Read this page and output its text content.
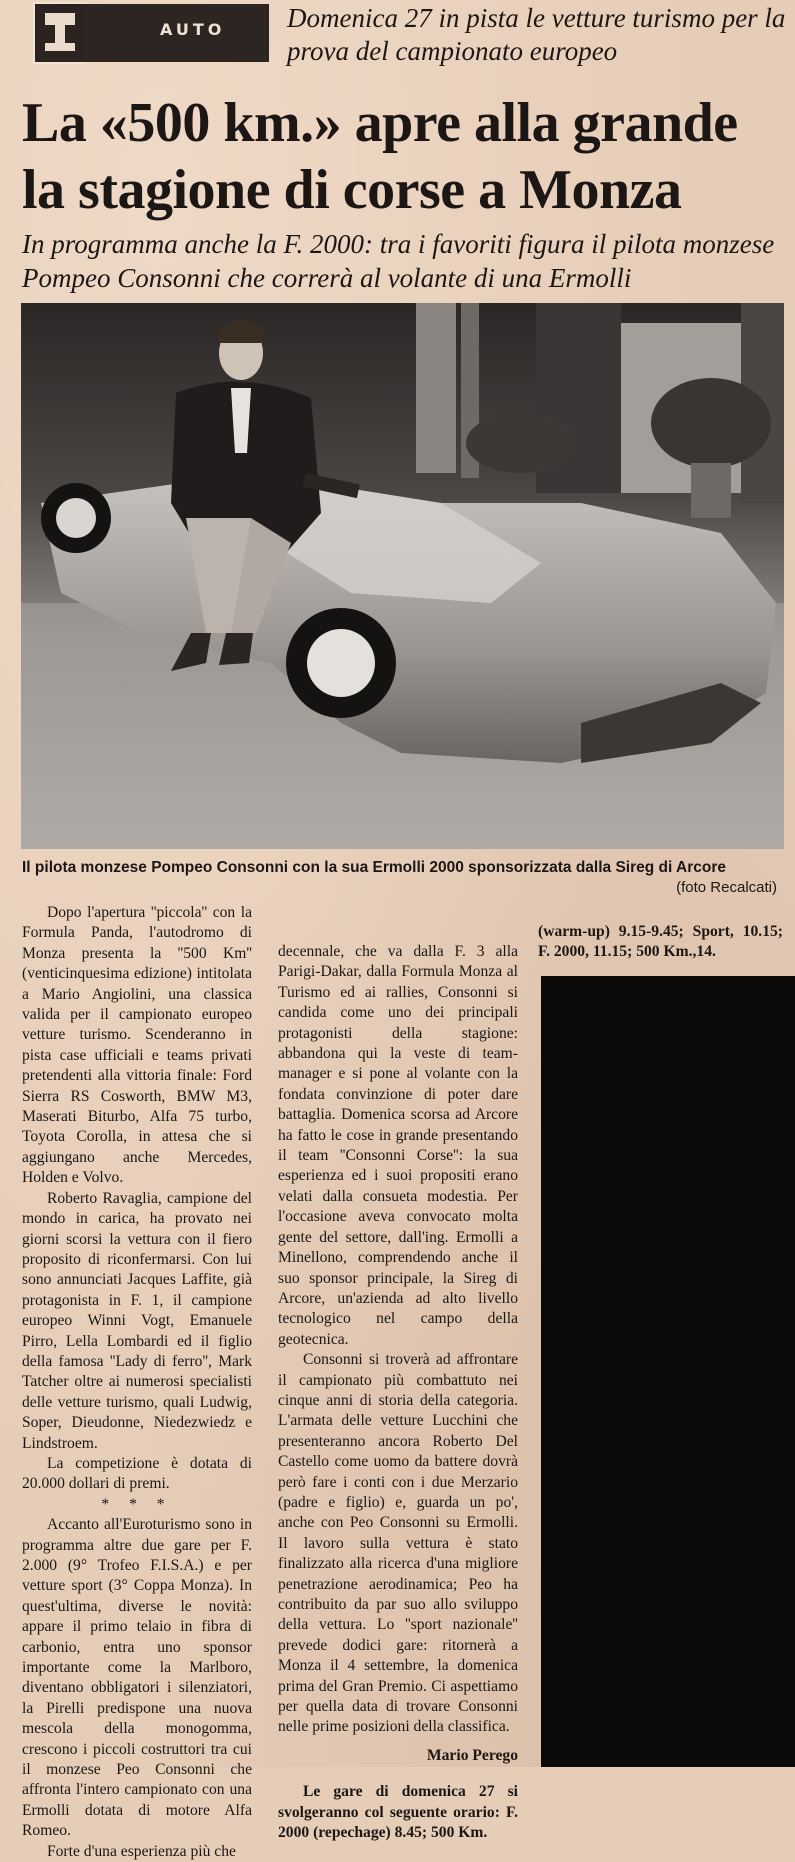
AUTO Domenica 27 in pista le vetture turismo per la prova del campionato europeo
La «500 km.» apre alla grande la stagione di corse a Monza
In programma anche la F. 2000: tra i favoriti figura il pilota monzese Pompeo Consonni che correrà al volante di una Ermolli
Il pilota monzese Pompeo Consonni con la sua Ermolli 2000 sponsorizzata dalla Sireg di Arcore
(foto Recalcati)

Dopo l'apertura ''piccola'' con la Formula Panda, l'autodromo di Monza presenta la ''500 Km'' (venticinquesima edizione) intitolata a Mario Angiolini, una classica valida per il campionato europeo vetture turismo. Scenderanno in pista case ufficiali e teams privati pretendenti alla vittoria finale: Ford Sierra RS Cosworth, BMW M3, Maserati Biturbo, Alfa 75 turbo, Toyota Corolla, in attesa che si aggiungano anche Mercedes, Holden e Volvo.

Roberto Ravaglia, campione del mondo in carica, ha provato nei giorni scorsi la vettura con il fiero proposito di riconfermarsi. Con lui sono annunciati Jacques Laffite, già protagonista in F. 1, il campione europeo Winni Vogt, Emanuele Pirro, Lella Lombardi ed il figlio della famosa ''Lady di ferro'', Mark Tatcher oltre ai numerosi specialisti delle vetture turismo, quali Ludwig, Soper, Dieudonne, Niedezwiedz e Lindstroem.

La competizione è dotata di 20.000 dollari di premi.

* * *

Accanto all'Euroturismo sono in programma altre due gare per F. 2.000 (9° Trofeo F.I.S.A.) e per vetture sport (3° Coppa Monza). In quest'ultima, diverse le novità: appare il primo telaio in fibra di carbonio, entra uno sponsor importante come la Marlboro, diventano obbligatori i silenziatori, la Pirelli predispone una nuova mescola della monogomma, crescono i piccoli costruttori tra cui il monzese Peo Consonni che affronta l'intero campionato con una Ermolli dotata di motore Alfa Romeo.

Forte d'una esperienza più che

decennale, che va dalla F. 3 alla Parigi-Dakar, dalla Formula Monza al Turismo ed ai rallies, Consonni si candida come uno dei principali protagonisti della stagione: abbandona qui la veste di team-manager e si pone al volante con la fondata convinzione di poter dare battaglia. Domenica scorsa ad Arcore ha fatto le cose in grande presentando il team ''Consonni Corse'': la sua esperienza ed i suoi propositi erano velati dalla consueta modestia. Per l'occasione aveva convocato molta gente del settore, dall'ing. Ermolli a Minellono, comprendendo anche il suo sponsor principale, la Sireg di Arcore, un'azienda ad alto livello tecnologico nel campo della geotecnica.

Consonni si troverà ad affrontare il campionato più combattuto nei cinque anni di storia della categoria. L'armata delle vetture Lucchini che presenteranno ancora Roberto Del Castello come uomo da battere dovrà però fare i conti con i due Merzario (padre e figlio) e, guarda un po', anche con Peo Consonni su Ermolli. Il lavoro sulla vettura è stato finalizzato alla ricerca d'una migliore penetrazione aerodinamica; Peo ha contribuito da par suo allo sviluppo della vettura. Lo ''sport nazionale'' prevede dodici gare: ritornerà a Monza il 4 settembre, la domenica prima del Gran Premio. Ci aspettiamo per quella data di trovare Consonni nelle prime posizioni della classifica.

Mario Perego

Le gare di domenica 27 si svolgeranno col seguente orario: F. 2000 (repechage) 8.45; 500 Km.

(warm-up) 9.15-9.45; Sport, 10.15; F. 2000, 11.15; 500 Km.,14.
